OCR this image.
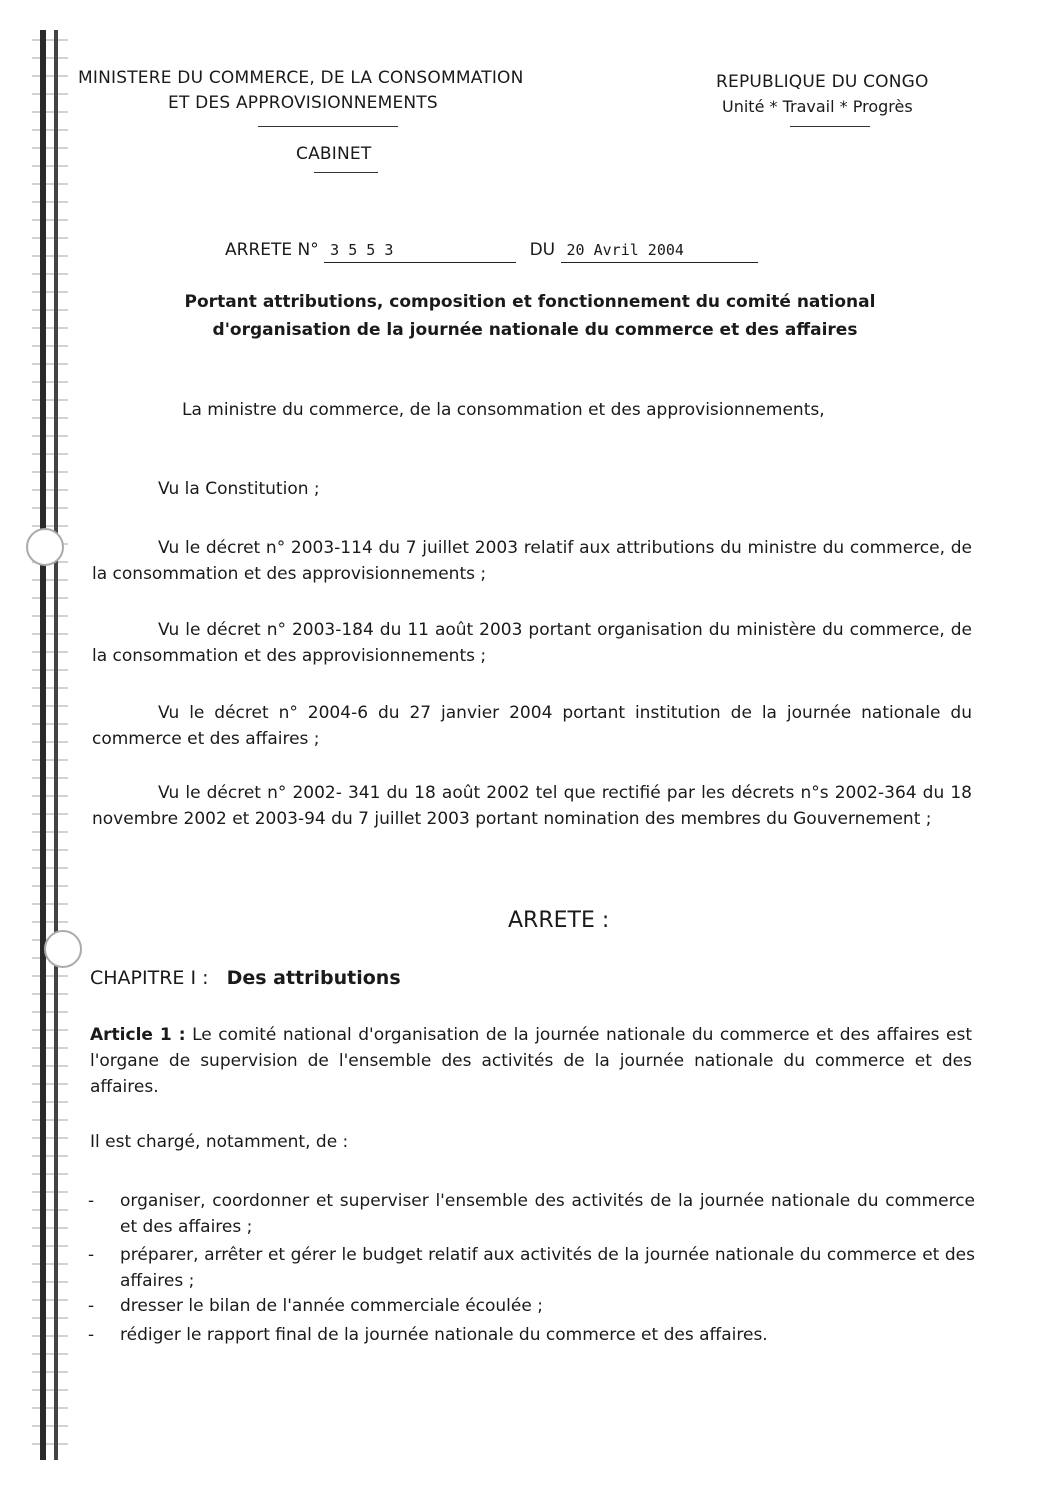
MINISTERE DU COMMERCE, DE LA CONSOMMATION
ET DES APPROVISIONNEMENTS
CABINET
REPUBLIQUE DU CONGO
Unité * Travail * Progrès
ARRETE N° 3 5 5 3	DU 20 Avril 2004
Portant attributions, composition et fonctionnement du comité national
d'organisation de la journée nationale du commerce et des affaires
La ministre du commerce, de la consommation et des approvisionnements,
Vu la Constitution ;
Vu le décret n° 2003-114 du 7 juillet 2003 relatif aux attributions du ministre du commerce, de la consommation et des approvisionnements ;
Vu le décret n° 2003-184 du 11 août 2003 portant organisation du ministère du commerce, de la consommation et des approvisionnements ;
Vu le décret n° 2004-6 du 27 janvier 2004 portant institution de la journée nationale du commerce et des affaires ;
Vu le décret n° 2002- 341 du 18 août 2002 tel que rectifié par les décrets n°s 2002-364 du 18 novembre 2002 et 2003-94 du 7 juillet 2003 portant nomination des membres du Gouvernement ;
ARRETE :
CHAPITRE I : Des attributions
Article 1 : Le comité national d'organisation de la journée nationale du commerce et des affaires est l'organe de supervision de l'ensemble des activités de la journée nationale du commerce et des affaires.
Il est chargé, notamment, de :
-	organiser, coordonner et superviser l'ensemble des activités de la journée nationale du commerce et des affaires ;
-	préparer, arrêter et gérer le budget relatif aux activités de la journée nationale du commerce et des affaires ;
-	dresser le bilan de l'année commerciale écoulée ;
-	rédiger le rapport final de la journée nationale du commerce et des affaires.
